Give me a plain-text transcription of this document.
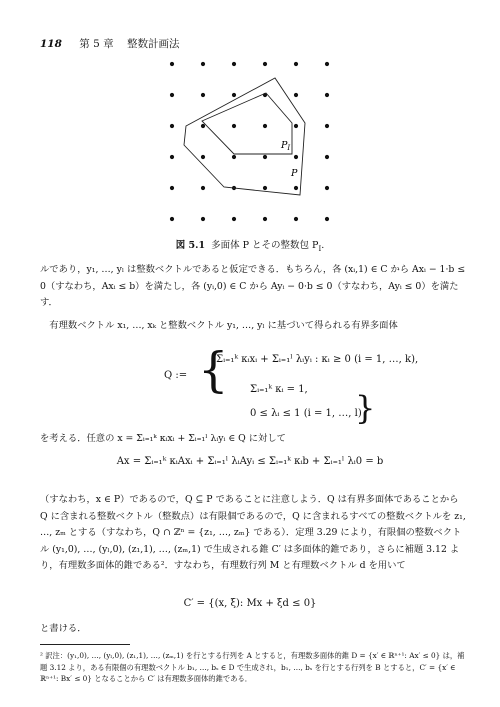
118 第 5 章 整数計画法
$P_I$
P
図 5.1 多面体 P とその整数包 $P_I$.
ルであり，y₁, …, yₗ は整数ベクトルであると仮定できる．もちろん，各 (xᵢ,1) ∈ C から Axᵢ − 1·b ≤ 0（すなわち，Axᵢ ≤ b）を満たし，各 (yᵢ,0) ∈ C から Ayᵢ − 0·b ≤ 0（すなわち，Ayᵢ ≤ 0）を満たす．
有理数ベクトル x₁, …, xₖ と整数ベクトル y₁, …, yₗ に基づいて得られる有界多面体
Q := {
Σᵢ₌₁ᵏ κᵢxᵢ + Σᵢ₌₁ˡ λᵢyᵢ : κᵢ ≥ 0 (i = 1, …, k),
Σᵢ₌₁ᵏ κᵢ = 1,
0 ≤ λᵢ ≤ 1 (i = 1, …, l)
}
を考える．任意の x = Σᵢ₌₁ᵏ κᵢxᵢ + Σᵢ₌₁ˡ λᵢyᵢ ∈ Q に対して
Ax = Σᵢ₌₁ᵏ κᵢAxᵢ + Σᵢ₌₁ˡ λᵢAyᵢ ≤ Σᵢ₌₁ᵏ κᵢb + Σᵢ₌₁ˡ λᵢ0 = b
（すなわち，x ∈ P）であるので，Q ⊆ P であることに注意しよう．Q は有界多面体であることから Q に含まれる整数ベクトル（整数点）は有限個であるので，Q に含まれるすべての整数ベクトルを z₁, …, zₘ とする（すなわち，Q ∩ ℤⁿ = {z₁, …, zₘ} である）．定理 3.29 により，有限個の整数ベクトル (y₁,0), …, (yₗ,0), (z₁,1), …, (zₘ,1) で生成される錐 C′ は多面体的錐であり，さらに補題 3.12 より，有理数多面体的錐である²．すなわち，有理数行列 M と有理数ベクトル d を用いて
C′ = {(x, ξ): Mx + ξd ≤ 0}
と書ける．
² 訳注：(y₁,0), …, (yₗ,0), (z₁,1), …, (zₘ,1) を行とする行列を A とすると，有理数多面体的錐 D = {x′ ∈ ℝⁿ⁺¹: Ax′ ≤ 0} は，補題 3.12 より，ある有限個の有理数ベクトル b₁, …, bₛ ∈ D で生成され，b₁, …, bₛ を行とする行列を B とすると，C′ = {x′ ∈ ℝⁿ⁺¹: Bx′ ≤ 0} となることから C′ は有理数多面体的錐である．
